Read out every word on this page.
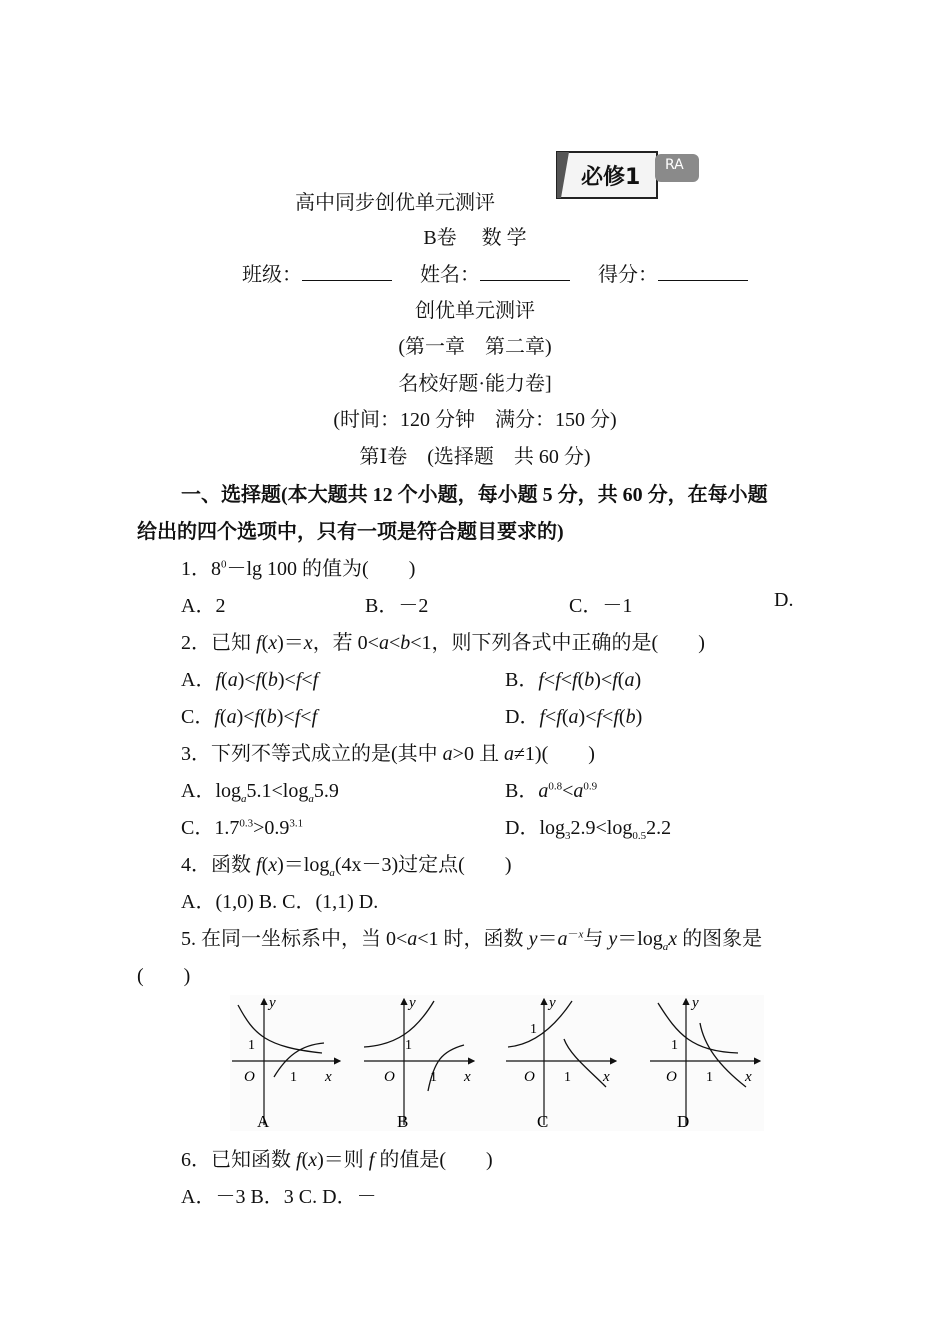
高中同步创优单元测评
必修1 RA
B卷　 数 学
班级：	姓名：	得分：
创优单元测评
(第一章　第二章)
名校好题·能力卷]
(时间：120 分钟　满分：150 分)
第Ⅰ卷　(选择题　共 60 分)
一、选择题(本大题共 12 个小题，每小题 5 分，共 60 分，在每小题
给出的四个选项中，只有一项是符合题目要求的)
1．$8^0-\lg$ 100 的值为(　　)
A．2	B．－2	C．－1	D.
2．已知 f(x)＝x，若 0<a<b<1，则下列各式中正确的是(　　)
A．f(a)<f(b)<f<f	B．f<f<f(b)<f(a)
C．f(a)<f(b)<f<f	D．f<f(a)<f<f(b)
3．下列不等式成立的是(其中 a>0 且 a≠1)(　　)
A．$\log_a5.1<\log_a5.9$	B．$a^{0.8}<a^{0.9}$
C．$1.7^{0.3}>0.9^{3.1}$	D．$\log_32.9<\log_{0.5}2.2$
4．函数 $f(x)=\log_a(4x-3)$过定点(　　)
A．(1,0) B. C．(1,1) D.
5. 在同一坐标系中，当 0<a<1 时，函数 $y=a^{-x}$与 $y=\log_ax$ 的图象是
(　　)
y
x
O
1
1
A
y
x
O
1
1
B
y
x
O
1
1
C
y
x
O
1
1
D
6．已知函数 f(x)＝则 f 的值是(　　)
A．－3 B．3 C. D．－
